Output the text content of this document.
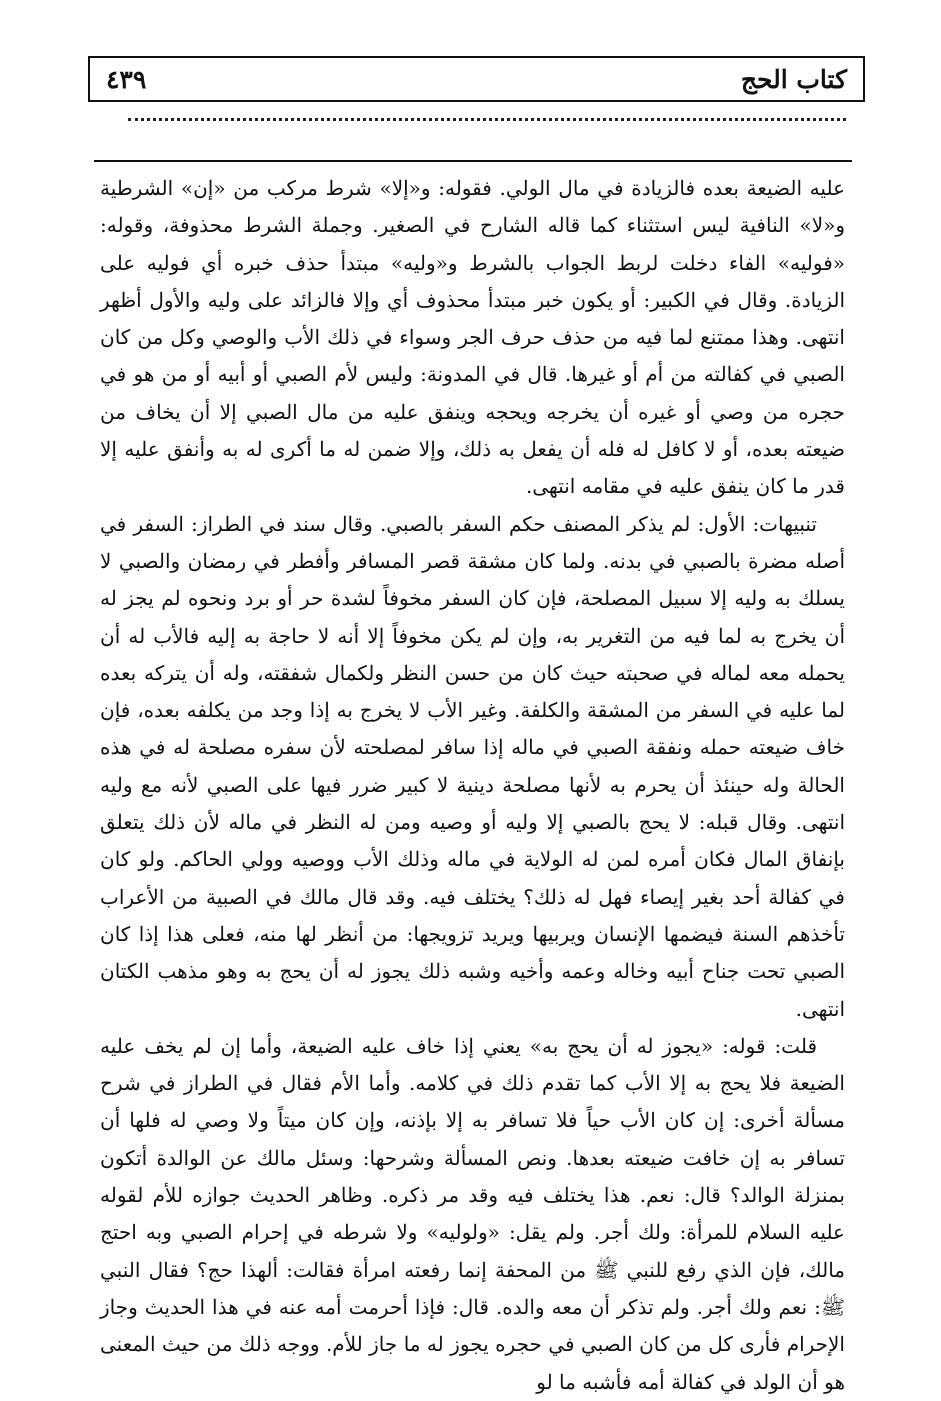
كتاب الحج
٤٣٩

عليه الضيعة بعده فالزيادة في مال الولي. فقوله: و«إلا» شرط مركب من «إن» الشرطية و«لا» النافية ليس استثناء كما قاله الشارح في الصغير. وجملة الشرط محذوفة، وقوله: «فوليه» الفاء دخلت لربط الجواب بالشرط و«وليه» مبتدأ حذف خبره أي فوليه على الزيادة. وقال في الكبير: أو يكون خبر مبتدأ محذوف أي وإلا فالزائد على وليه والأول أظهر انتهى. وهذا ممتنع لما فيه من حذف حرف الجر وسواء في ذلك الأب والوصي وكل من كان الصبي في كفالته من أم أو غيرها. قال في المدونة: وليس لأم الصبي أو أبيه أو من هو في حجره من وصي أو غيره أن يخرجه ويحجه وينفق عليه من مال الصبي إلا أن يخاف من ضيعته بعده، أو لا كافل له فله أن يفعل به ذلك، وإلا ضمن له ما أكرى له به وأنفق عليه إلا قدر ما كان ينفق عليه في مقامه انتهى.

تنبيهات: الأول: لم يذكر المصنف حكم السفر بالصبي. وقال سند في الطراز: السفر في أصله مضرة بالصبي في بدنه. ولما كان مشقة قصر المسافر وأفطر في رمضان والصبي لا يسلك به وليه إلا سبيل المصلحة، فإن كان السفر مخوفاً لشدة حر أو برد ونحوه لم يجز له أن يخرج به لما فيه من التغرير به، وإن لم يكن مخوفاً إلا أنه لا حاجة به إليه فالأب له أن يحمله معه لماله في صحبته حيث كان من حسن النظر ولكمال شفقته، وله أن يتركه بعده لما عليه في السفر من المشقة والكلفة. وغير الأب لا يخرج به إذا وجد من يكلفه بعده، فإن خاف ضيعته حمله ونفقة الصبي في ماله إذا سافر لمصلحته لأن سفره مصلحة له في هذه الحالة وله حينئذ أن يحرم به لأنها مصلحة دينية لا كبير ضرر فيها على الصبي لأنه مع وليه انتهى. وقال قبله: لا يحج بالصبي إلا وليه أو وصيه ومن له النظر في ماله لأن ذلك يتعلق بإنفاق المال فكان أمره لمن له الولاية في ماله وذلك الأب ووصيه وولي الحاكم. ولو كان في كفالة أحد بغير إيصاء فهل له ذلك؟ يختلف فيه. وقد قال مالك في الصبية من الأعراب تأخذهم السنة فيضمها الإنسان ويربيها ويريد تزويجها: من أنظر لها منه، فعلى هذا إذا كان الصبي تحت جناح أبيه وخاله وعمه وأخيه وشبه ذلك يجوز له أن يحج به وهو مذهب الكتان انتهى.

قلت: قوله: «يجوز له أن يحج به» يعني إذا خاف عليه الضيعة، وأما إن لم يخف عليه الضيعة فلا يحج به إلا الأب كما تقدم ذلك في كلامه. وأما الأم فقال في الطراز في شرح مسألة أخرى: إن كان الأب حياً فلا تسافر به إلا بإذنه، وإن كان ميتاً ولا وصي له فلها أن تسافر به إن خافت ضيعته بعدها. ونص المسألة وشرحها: وسئل مالك عن الوالدة أتكون بمنزلة الوالد؟ قال: نعم. هذا يختلف فيه وقد مر ذكره. وظاهر الحديث جوازه للأم لقوله عليه السلام للمرأة: ولك أجر. ولم يقل: «ولوليه» ولا شرطه في إحرام الصبي وبه احتج مالك، فإن الذي رفع للنبي ﷺ من المحفة إنما رفعته امرأة فقالت: ألهذا حج؟ فقال النبي ﷺ: نعم ولك أجر. ولم تذكر أن معه والده. قال: فإذا أحرمت أمه عنه في هذا الحديث وجاز الإحرام فأرى كل من كان الصبي في حجره يجوز له ما جاز للأم. ووجه ذلك من حيث المعنى هو أن الولد في كفالة أمه فأشبه ما لو
